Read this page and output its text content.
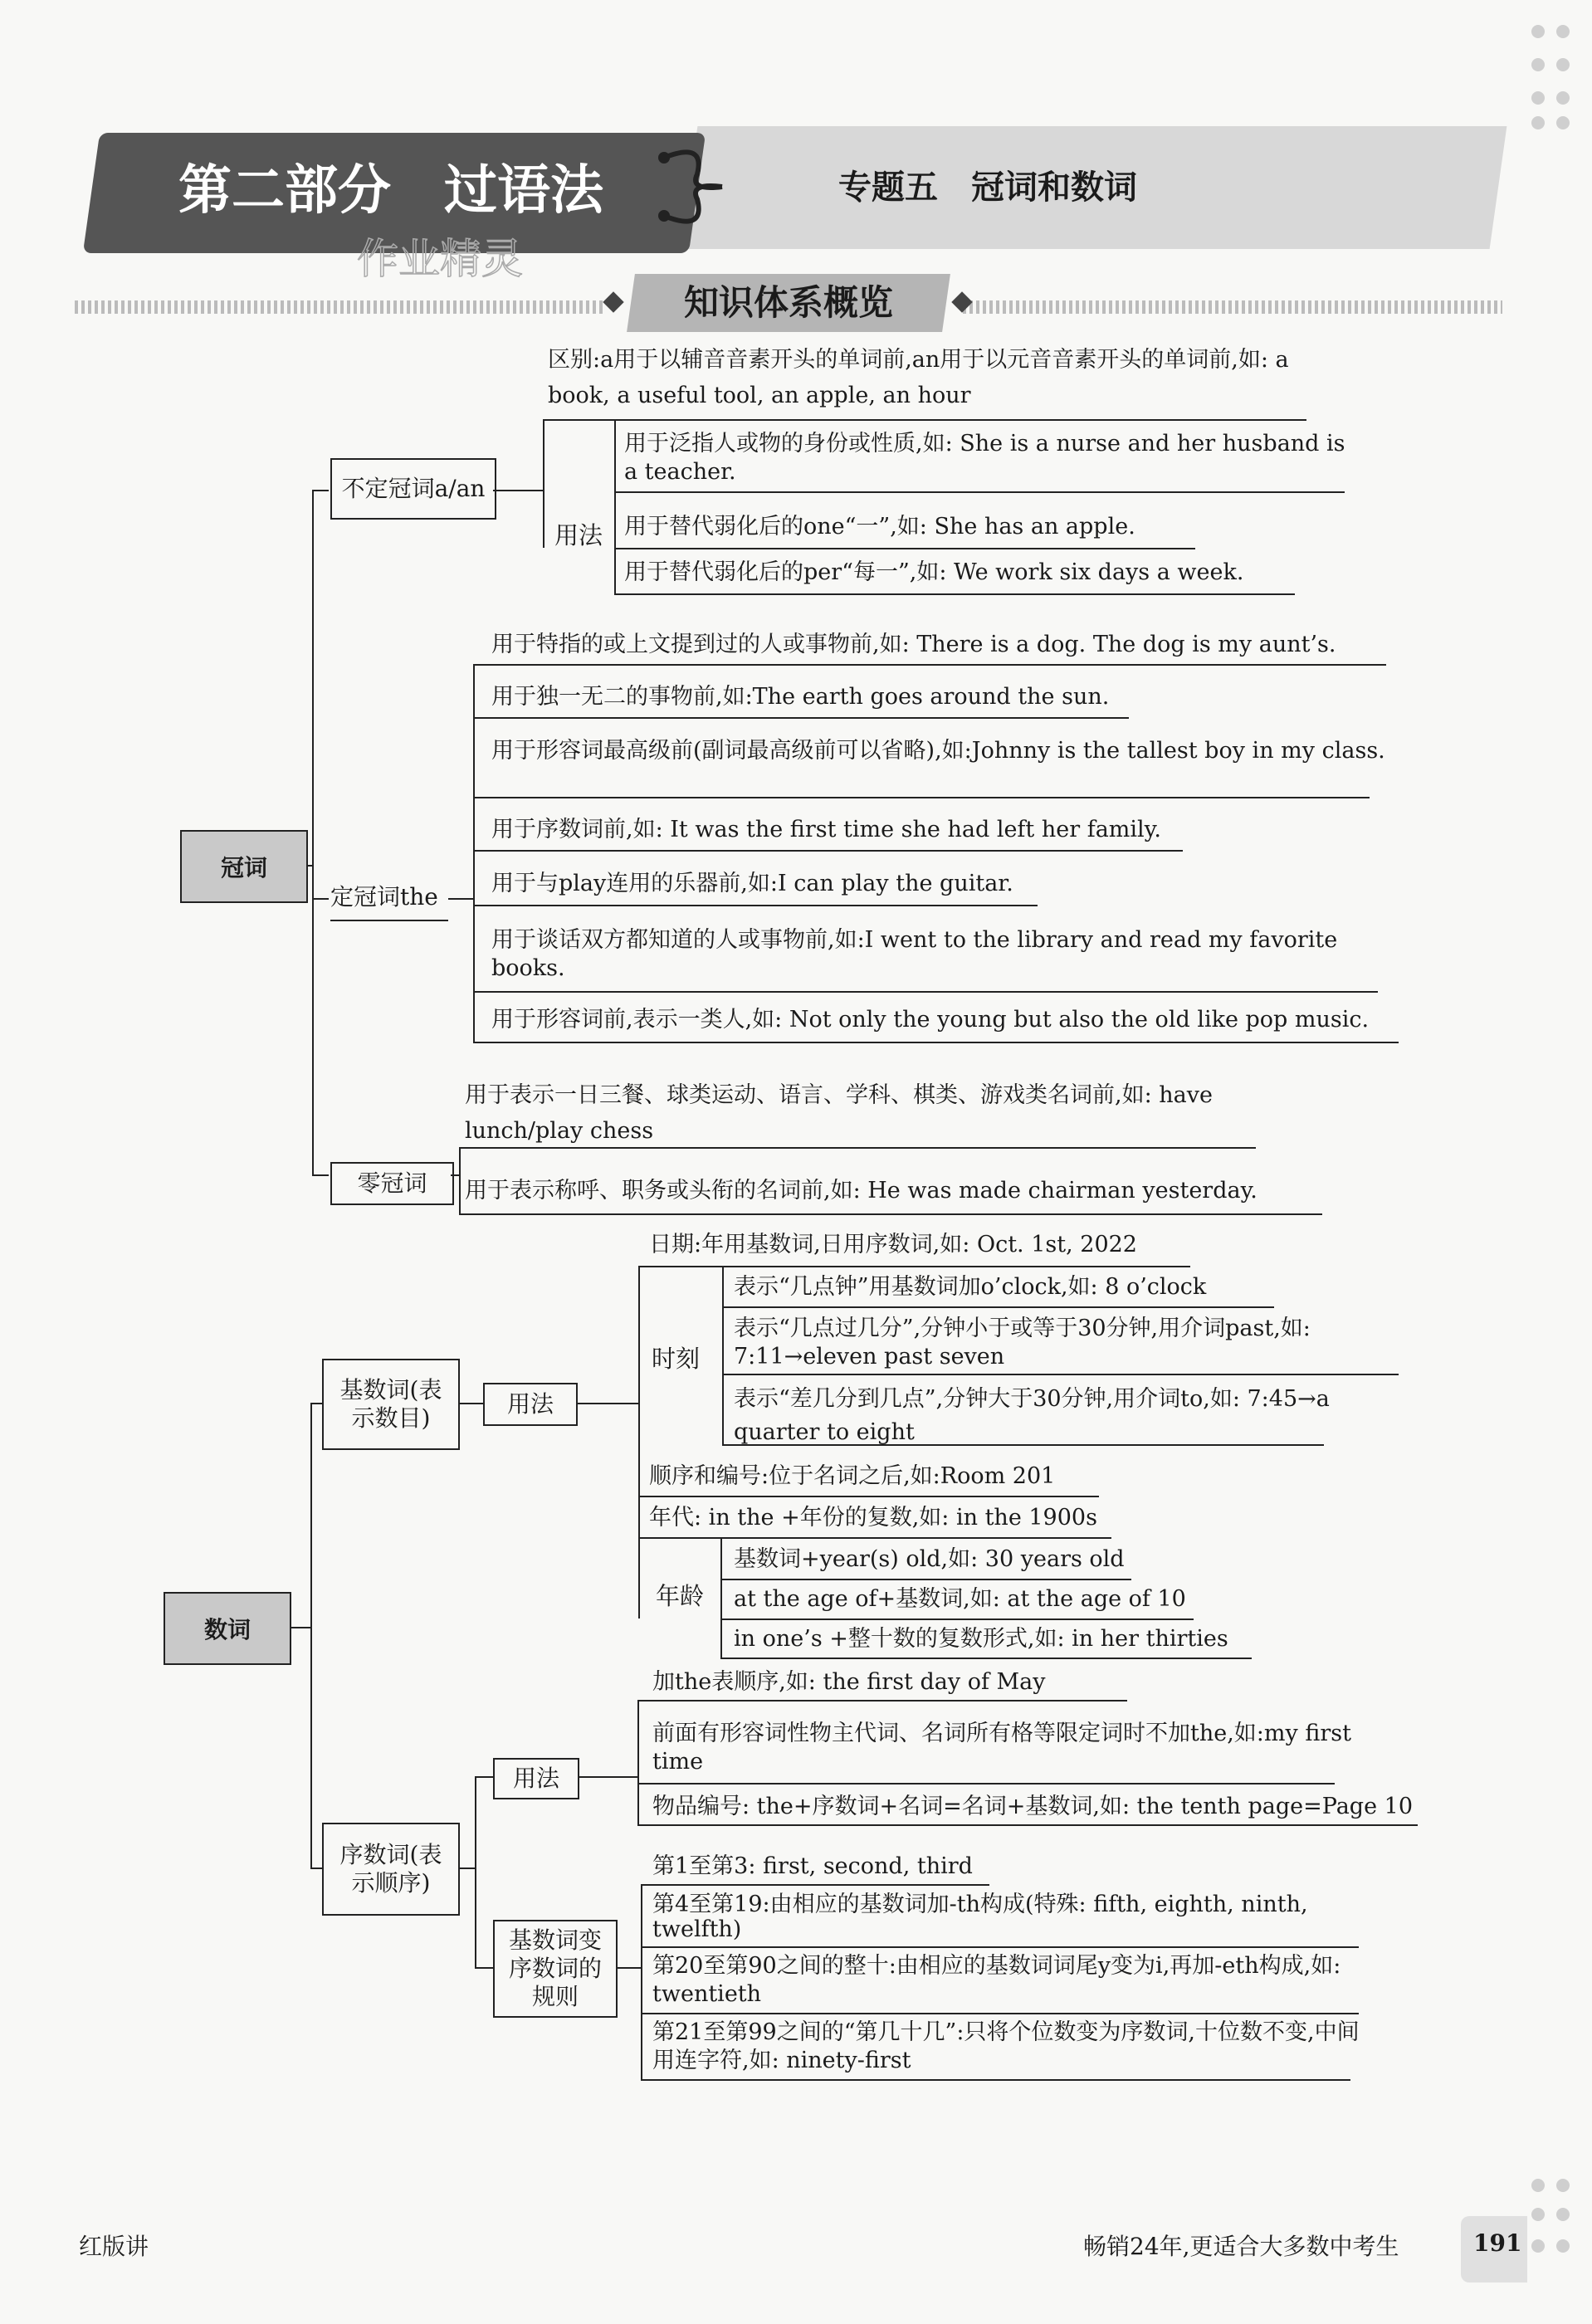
第二部分　过语法	专题五　冠词和数词
作业精灵
知识体系概览
冠词
不定冠词a/an
区别:a用于以辅音音素开头的单词前,an用于以元音音素开头的单词前,如: a book, a useful tool, an apple, an hour
用法
用于泛指人或物的身份或性质,如: She is a nurse and her husband is a teacher.
用于替代弱化后的one“一”,如: She has an apple.
用于替代弱化后的per“每一”,如: We work six days a week.
定冠词the
用于特指的或上文提到过的人或事物前,如: There is a dog. The dog is my aunt’s.
用于独一无二的事物前,如:The earth goes around the sun.
用于形容词最高级前(副词最高级前可以省略),如:Johnny is the tallest boy in my class.
用于序数词前,如: It was the first time she had left her family.
用于与play连用的乐器前,如:I can play the guitar.
用于谈话双方都知道的人或事物前,如:I went to the library and read my favorite books.
用于形容词前,表示一类人,如: Not only the young but also the old like pop music.
零冠词
用于表示一日三餐、球类运动、语言、学科、棋类、游戏类名词前,如: have lunch/play chess
用于表示称呼、职务或头衔的名词前,如: He was made chairman yesterday.
数词
基数词(表示数目)
用法
日期:年用基数词,日用序数词,如: Oct. 1st, 2022
时刻
表示“几点钟”用基数词加o’clock,如: 8 o’clock
表示“几点过几分”,分钟小于或等于30分钟,用介词past,如: 7:11→eleven past seven
表示“差几分到几点”,分钟大于30分钟,用介词to,如: 7:45→a quarter to eight
顺序和编号:位于名词之后,如:Room 201
年代: in the +年份的复数,如: in the 1900s
年龄
基数词+year(s) old,如: 30 years old
at the age of+基数词,如: at the age of 10
in one’s +整十数的复数形式,如: in her thirties
序数词(表示顺序)
用法
加the表顺序,如: the first day of May
前面有形容词性物主代词、名词所有格等限定词时不加the,如:my first time
物品编号: the+序数词+名词=名词+基数词,如: the tenth page=Page 10
基数词变序数词的规则
第1至第3: first, second, third
第4至第19:由相应的基数词加-th构成(特殊: fifth, eighth, ninth, twelfth)
第20至第90之间的整十:由相应的基数词词尾y变为i,再加-eth构成,如: twentieth
第21至第99之间的“第几十几”:只将个位数变为序数词,十位数不变,中间用连字符,如: ninety-first
红版讲	畅销24年,更适合大多数中考生	191
